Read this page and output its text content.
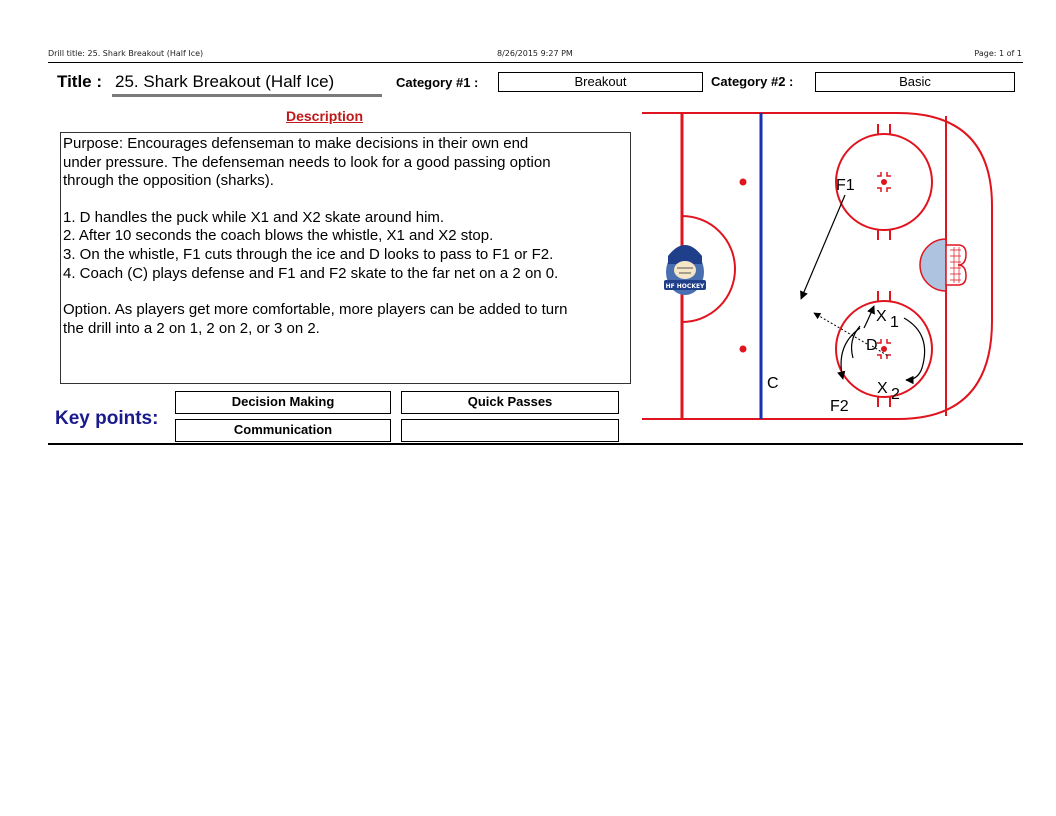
Drill title: 25. Shark Breakout (Half Ice)	8/26/2015 9:27 PM	Page: 1 of 1
Title : 25. Shark Breakout (Half Ice)	Category #1 :	Breakout	Category #2 :	Basic
Description

Purpose: Encourages defenseman to make decisions in their own end
under pressure. The defenseman needs to look for a good passing option
through the opposition (sharks).

1. D handles the puck while X1 and X2 skate around him.
2. After 10 seconds the coach blows the whistle, X1 and X2 stop.
3. On the whistle, F1 cuts through the ice and D looks to pass to F1 or F2.
4. Coach (C) plays defense and F1 and F2 skate to the far net on a 2 on 0.

Option. As players get more comfortable, more players can be added to turn
the drill into a 2 on 1, 2 on 2, or 3 on 2.

Key points:
Decision Making	Quick Passes
Communication
HF HOCKEY
F1
F2
C
D
X 1
X 2
